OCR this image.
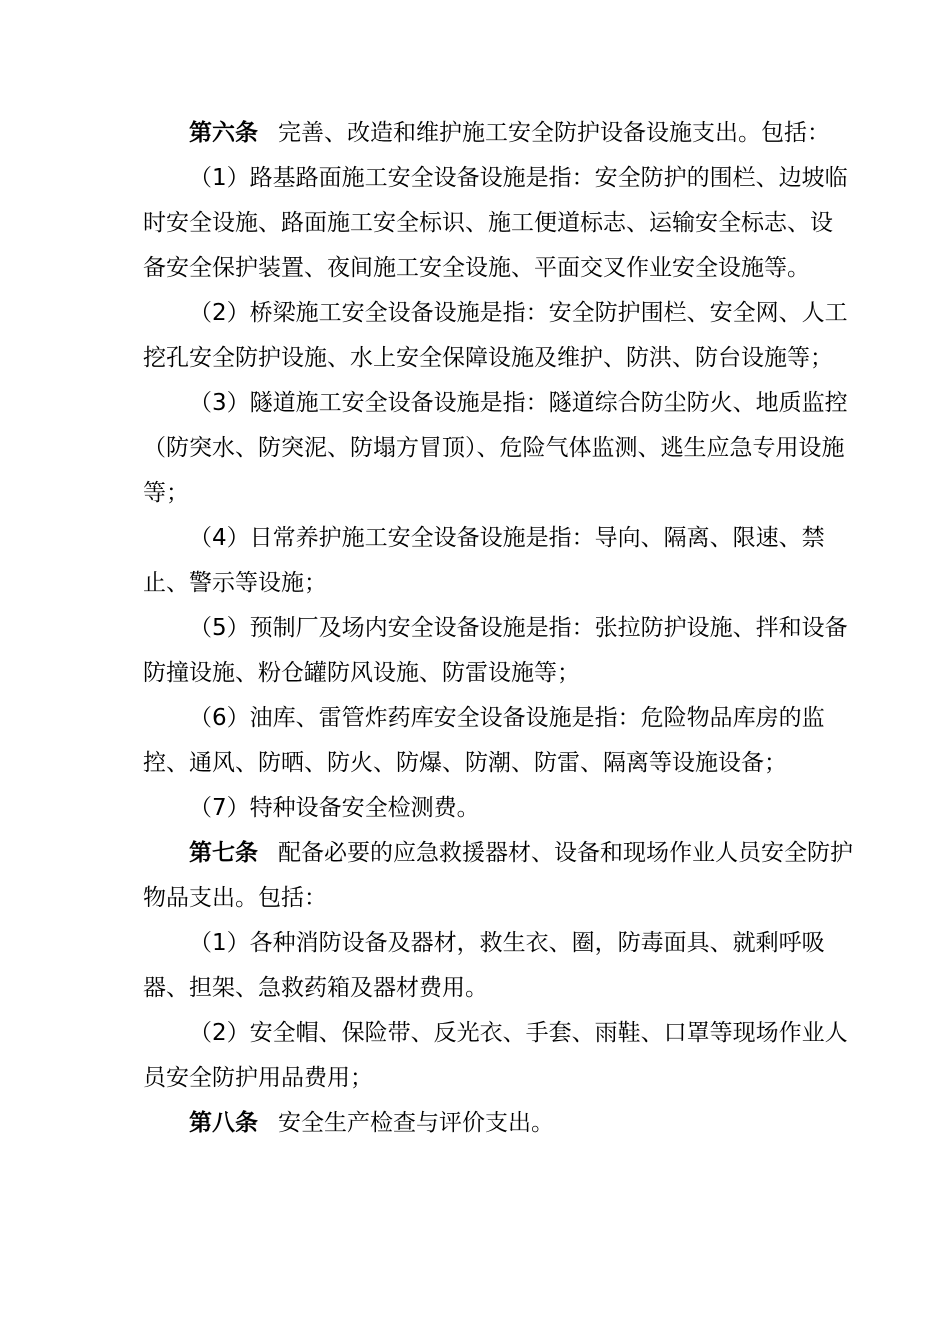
第六条 完善、改造和维护施工安全防护设备设施支出。包括：

（1）路基路面施工安全设备设施是指：安全防护的围栏、边坡临时安全设施、路面施工安全标识、施工便道标志、运输安全标志、设备安全保护装置、夜间施工安全设施、平面交叉作业安全设施等。

（2）桥梁施工安全设备设施是指：安全防护围栏、安全网、人工挖孔安全防护设施、水上安全保障设施及维护、防洪、防台设施等；

（3）隧道施工安全设备设施是指：隧道综合防尘防火、地质监控（防突水、防突泥、防塌方冒顶）、危险气体监测、逃生应急专用设施等；

（4）日常养护施工安全设备设施是指：导向、隔离、限速、禁止、警示等设施；

（5）预制厂及场内安全设备设施是指：张拉防护设施、拌和设备防撞设施、粉仓罐防风设施、防雷设施等；

（6）油库、雷管炸药库安全设备设施是指：危险物品库房的监控、通风、防晒、防火、防爆、防潮、防雷、隔离等设施设备；

（7）特种设备安全检测费。

第七条 配备必要的应急救援器材、设备和现场作业人员安全防护物品支出。包括：

（1）各种消防设备及器材，救生衣、圈，防毒面具、就剩呼吸器、担架、急救药箱及器材费用。

（2）安全帽、保险带、反光衣、手套、雨鞋、口罩等现场作业人员安全防护用品费用；

第八条 安全生产检查与评价支出。
